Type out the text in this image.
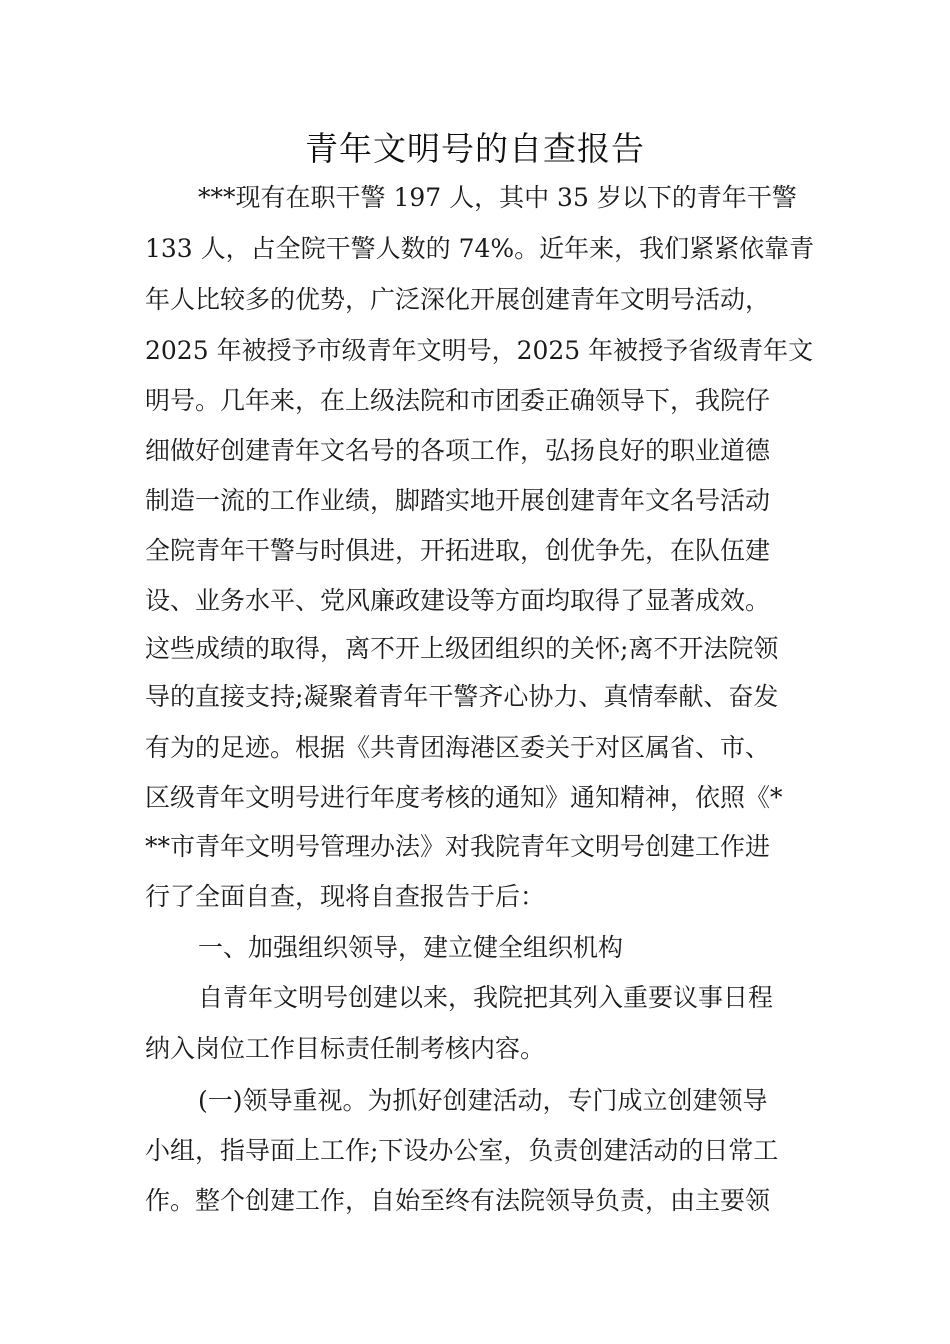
青年文明号的自查报告
***现有在职干警 197 人，其中 35 岁以下的青年干警
133 人，占全院干警人数的 74%。近年来，我们紧紧依靠青
年人比较多的优势，广泛深化开展创建青年文明号活动，
2025 年被授予市级青年文明号，2025 年被授予省级青年文
明号。几年来，在上级法院和市团委正确领导下，我院仔
细做好创建青年文名号的各项工作，弘扬良好的职业道德
制造一流的工作业绩，脚踏实地开展创建青年文名号活动
全院青年干警与时俱进，开拓进取，创优争先，在队伍建
设、业务水平、党风廉政建设等方面均取得了显著成效。
这些成绩的取得，离不开上级团组织的关怀;离不开法院领
导的直接支持;凝聚着青年干警齐心协力、真情奉献、奋发
有为的足迹。根据《共青团海港区委关于对区属省、市、
区级青年文明号进行年度考核的通知》通知精神，依照《*
**市青年文明号管理办法》对我院青年文明号创建工作进
行了全面自查，现将自查报告于后：
一、加强组织领导，建立健全组织机构
自青年文明号创建以来，我院把其列入重要议事日程
纳入岗位工作目标责任制考核内容。
(一)领导重视。为抓好创建活动，专门成立创建领导
小组，指导面上工作;下设办公室，负责创建活动的日常工
作。整个创建工作，自始至终有法院领导负责，由主要领
